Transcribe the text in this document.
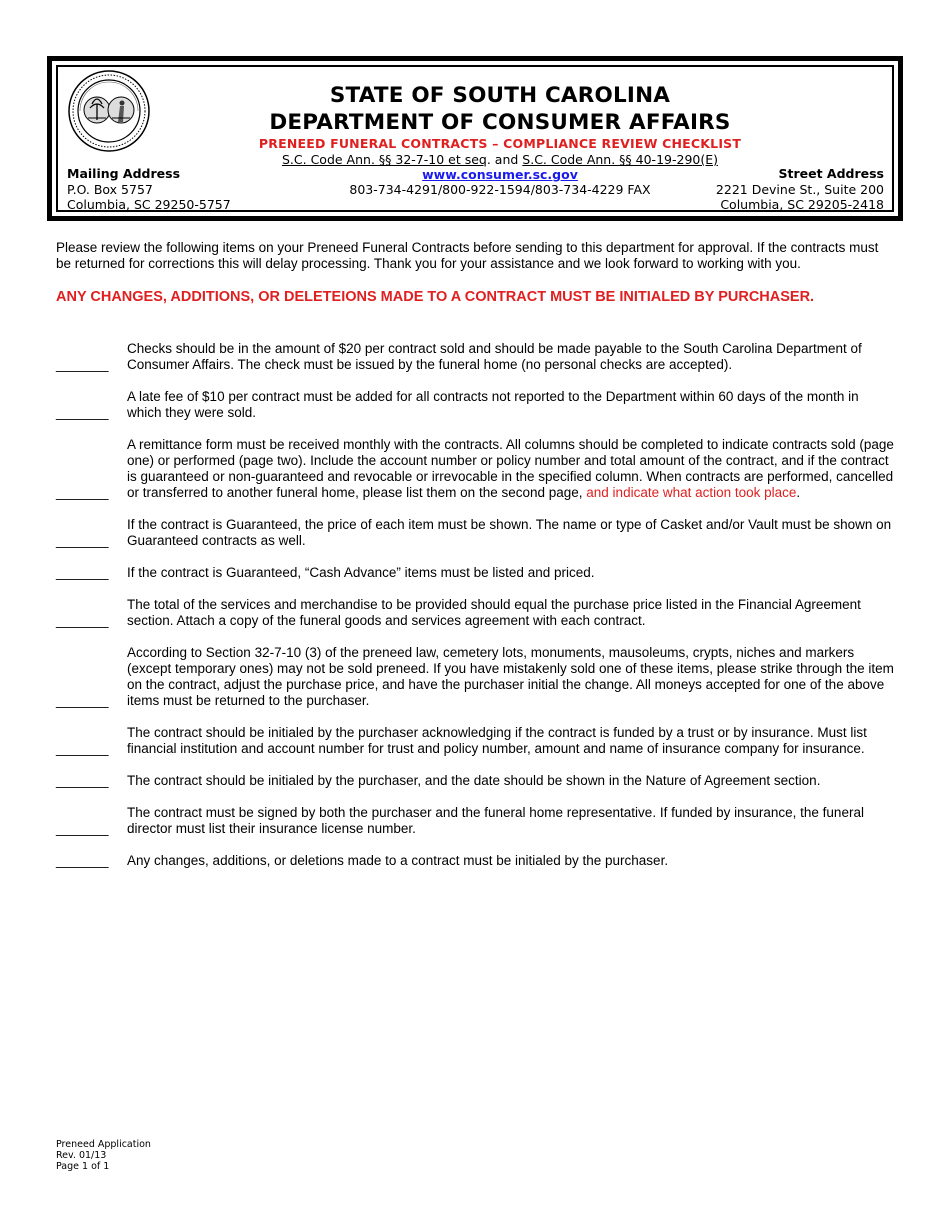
STATE OF SOUTH CAROLINA
DEPARTMENT OF CONSUMER AFFAIRS
PRENEED FUNERAL CONTRACTS – COMPLIANCE REVIEW CHECKLIST
S.C. Code Ann. §§ 32-7-10 et seq. and S.C. Code Ann. §§ 40-19-290(E)
www.consumer.sc.gov
803-734-4291/800-922-1594/803-734-4229 FAX
Mailing Address
P.O. Box 5757
Columbia, SC 29250-5757
Street Address
2221 Devine St., Suite 200
Columbia, SC 29205-2418
Please review the following items on your Preneed Funeral Contracts before sending to this department for approval. If the contracts must be returned for corrections this will delay processing. Thank you for your assistance and we look forward to working with you.
ANY CHANGES, ADDITIONS, OR DELETEIONS MADE TO A CONTRACT MUST BE INITIALED BY PURCHASER.
_______
Checks should be in the amount of $20 per contract sold and should be made payable to the South Carolina Department of Consumer Affairs. The check must be issued by the funeral home (no personal checks are accepted).
_______
A late fee of $10 per contract must be added for all contracts not reported to the Department within 60 days of the month in which they were sold.
_______
A remittance form must be received monthly with the contracts. All columns should be completed to indicate contracts sold (page one) or performed (page two). Include the account number or policy number and total amount of the contract, and if the contract is guaranteed or non-guaranteed and revocable or irrevocable in the specified column. When contracts are performed, cancelled or transferred to another funeral home, please list them on the second page, and indicate what action took place.
_______
If the contract is Guaranteed, the price of each item must be shown. The name or type of Casket and/or Vault must be shown on Guaranteed contracts as well.
_______	If the contract is Guaranteed, “Cash Advance” items must be listed and priced.
_______
The total of the services and merchandise to be provided should equal the purchase price listed in the Financial Agreement section. Attach a copy of the funeral goods and services agreement with each contract.
_______
According to Section 32-7-10 (3) of the preneed law, cemetery lots, monuments, mausoleums, crypts, niches and markers (except temporary ones) may not be sold preneed. If you have mistakenly sold one of these items, please strike through the item on the contract, adjust the purchase price, and have the purchaser initial the change. All moneys accepted for one of the above items must be returned to the purchaser.
_______
The contract should be initialed by the purchaser acknowledging if the contract is funded by a trust or by insurance. Must list financial institution and account number for trust and policy number, amount and name of insurance company for insurance.
_______	The contract should be initialed by the purchaser, and the date should be shown in the Nature of Agreement section.
_______
The contract must be signed by both the purchaser and the funeral home representative. If funded by insurance, the funeral director must list their insurance license number.
_______	Any changes, additions, or deletions made to a contract must be initialed by the purchaser.
Preneed Application
Rev. 01/13
Page 1 of 1
